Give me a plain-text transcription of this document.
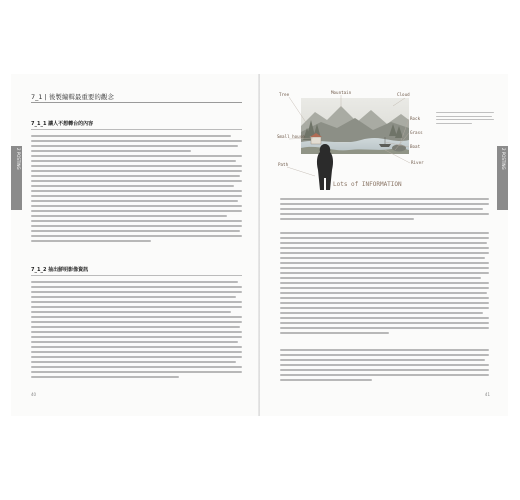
2 POSTING
7_1 | 後製編輯最重要的觀念
7_1_1 讓人不想轉台的內容
7_1_2 抽出鮮明影像資訊
40
2 POSTING
Tree	Mountain	Cloud
Rock
Grass
Boat
River
Small house
Path
Lots of INFORMATION
41
